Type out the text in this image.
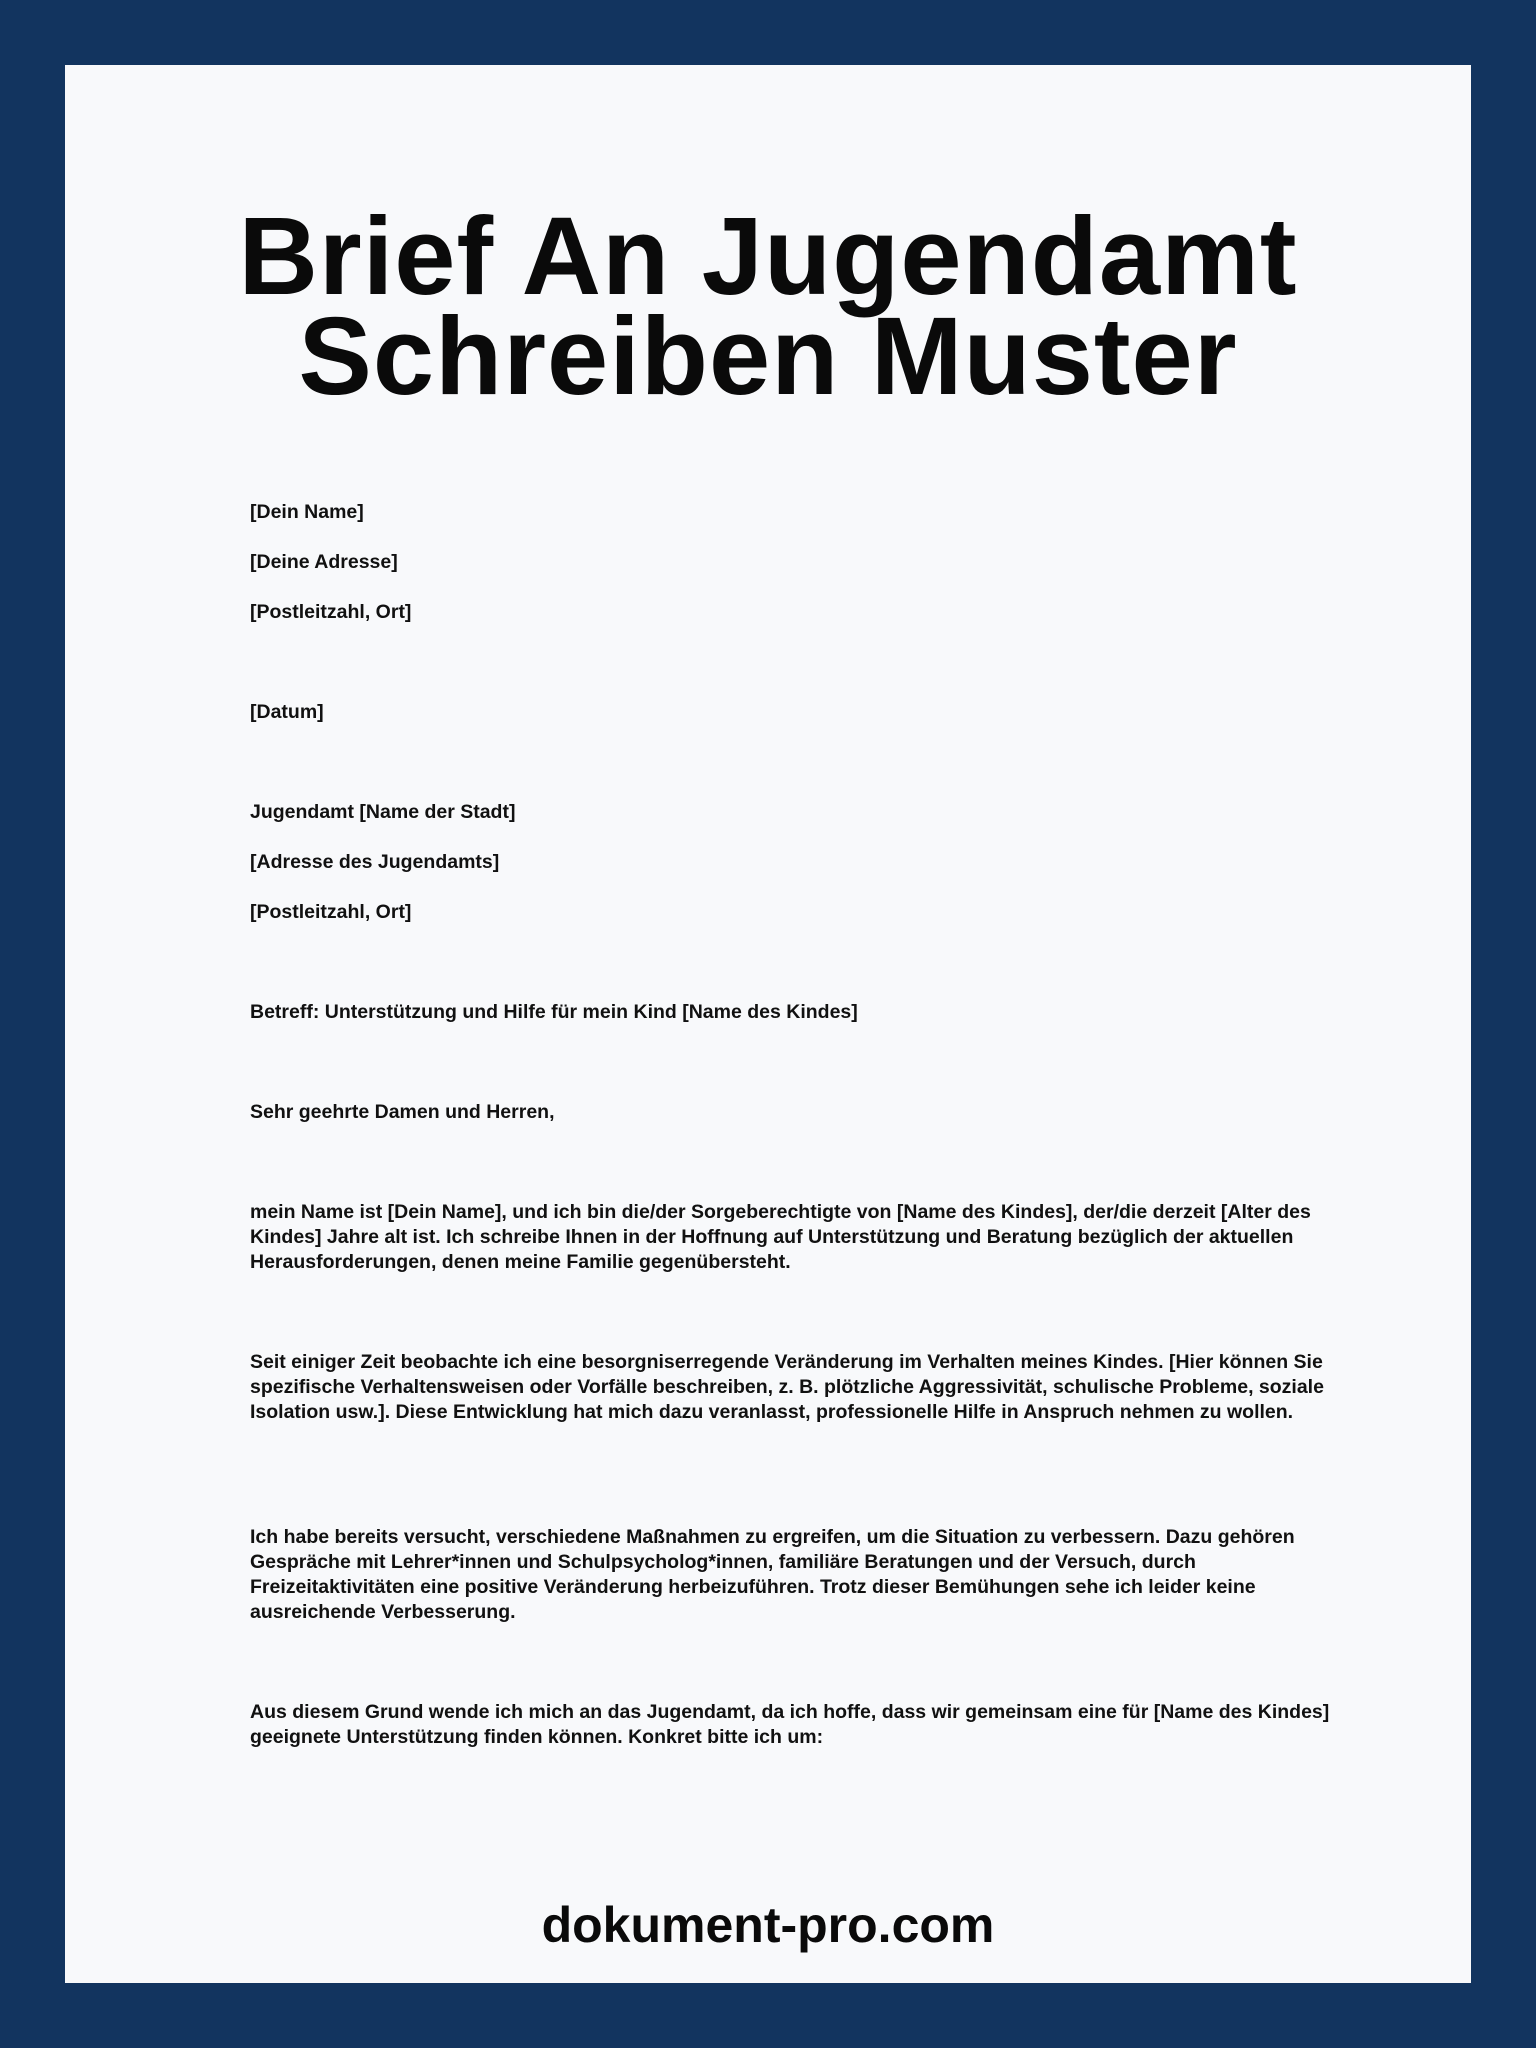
Brief An Jugendamt
Schreiben Muster

[Dein Name]

[Deine Adresse]

[Postleitzahl, Ort]

[Datum]

Jugendamt [Name der Stadt]

[Adresse des Jugendamts]

[Postleitzahl, Ort]

Betreff: Unterstützung und Hilfe für mein Kind [Name des Kindes]

Sehr geehrte Damen und Herren,

mein Name ist [Dein Name], und ich bin die/der Sorgeberechtigte von [Name des Kindes], der/die derzeit [Alter des Kindes] Jahre alt ist. Ich schreibe Ihnen in der Hoffnung auf Unterstützung und Beratung bezüglich der aktuellen Herausforderungen, denen meine Familie gegenübersteht.

Seit einiger Zeit beobachte ich eine besorgniserregende Veränderung im Verhalten meines Kindes. [Hier können Sie spezifische Verhaltensweisen oder Vorfälle beschreiben, z. B. plötzliche Aggressivität, schulische Probleme, soziale Isolation usw.]. Diese Entwicklung hat mich dazu veranlasst, professionelle Hilfe in Anspruch nehmen zu wollen.

Ich habe bereits versucht, verschiedene Maßnahmen zu ergreifen, um die Situation zu verbessern. Dazu gehören Gespräche mit Lehrer*innen und Schulpsycholog*innen, familiäre Beratungen und der Versuch, durch Freizeitaktivitäten eine positive Veränderung herbeizuführen. Trotz dieser Bemühungen sehe ich leider keine ausreichende Verbesserung.

Aus diesem Grund wende ich mich an das Jugendamt, da ich hoffe, dass wir gemeinsam eine für [Name des Kindes] geeignete Unterstützung finden können. Konkret bitte ich um:

dokument-pro.com
